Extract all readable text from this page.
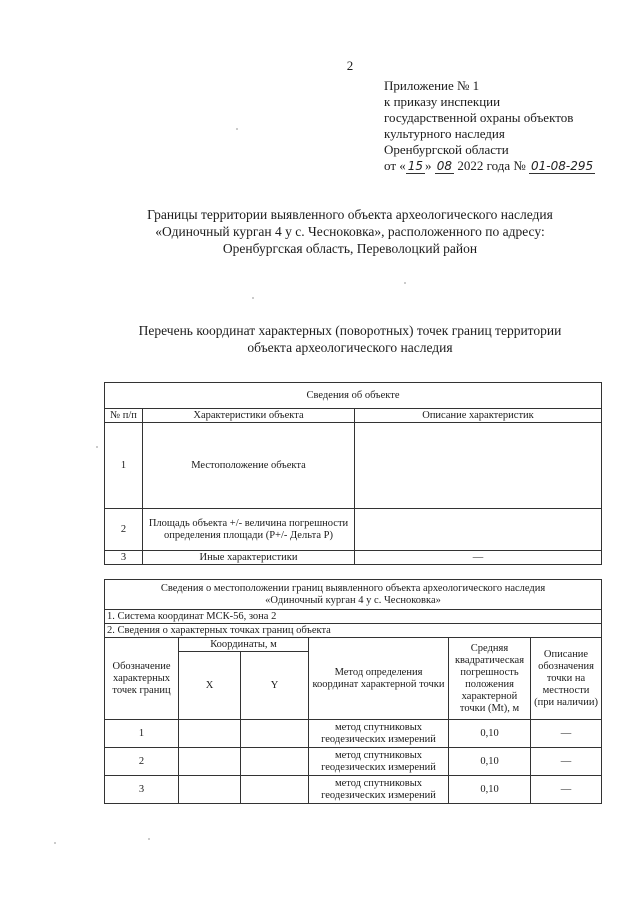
2
Приложение № 1
к приказу инспекции
государственной охраны объектов
культурного наследия
Оренбургской области
от « 15 » 08 2022 года № 01-08-295
Границы территории выявленного объекта археологического наследия
«Одиночный курган 4 у с. Чесноковка», расположенного по адресу:
Оренбургская область, Переволоцкий район
Перечень координат характерных (поворотных) точек границ территории
объекта археологического наследия
Сведения об объекте		
№ п/п	Характеристики объекта	Описание характеристик
1	Местоположение объекта	
2	Площадь объекта +/- величина погрешности определения площади (Р+/- Дельта Р)	
3	Иные характеристики	—
Сведения о местоположении границ выявленного объекта археологического наследия
«Одиночный курган 4 у с. Чесноковка»					

1. Система координат МСК-56, зона 2					
2. Сведения о характерных точках границ объекта					
Обозначение характерных точек границ	Координаты, м		Метод определения координат характерной точки	Средняя квадратическая погрешность положения характерной точки (Mt), м	Описание обозначения точки на местности (при наличии)
	X	Y			
1			метод спутниковых геодезических измерений	0,10	—
2			метод спутниковых геодезических измерений	0,10	—
3			метод спутниковых геодезических измерений	0,10	—
